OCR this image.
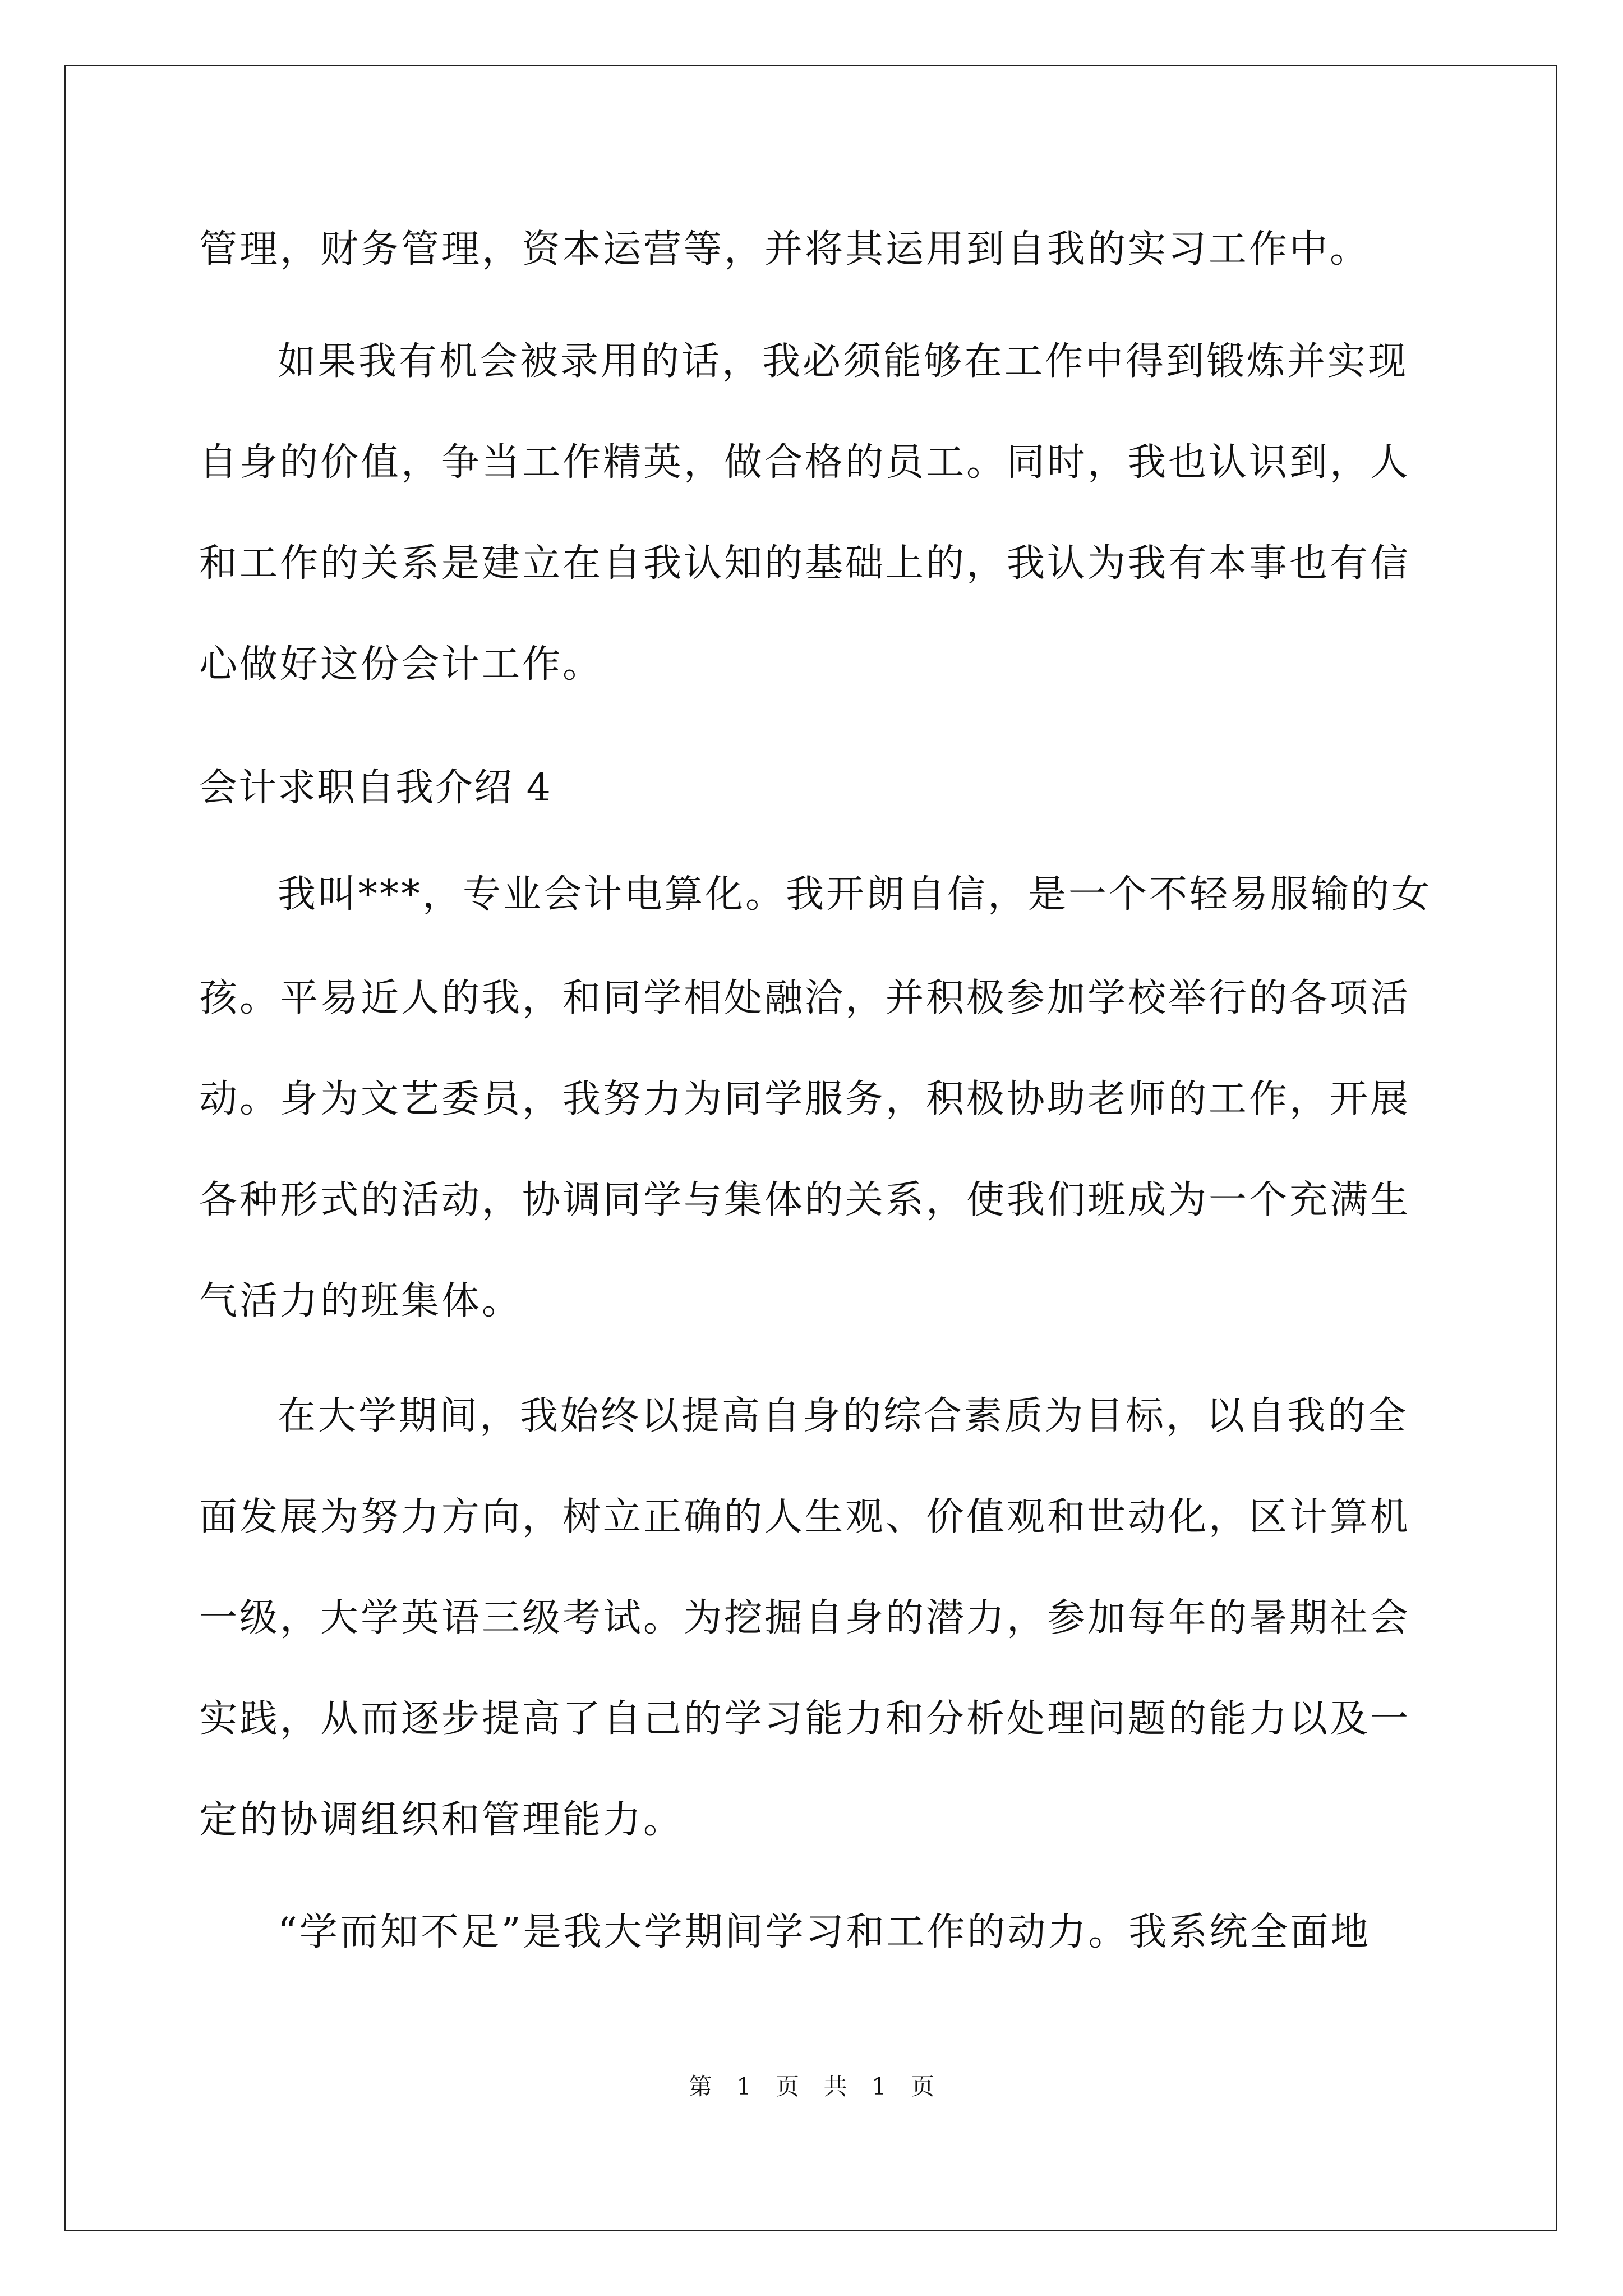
管理，财务管理，资本运营等，并将其运用到自我的实习工作中。

如果我有机会被录用的话，我必须能够在工作中得到锻炼并实现

自身的价值，争当工作精英，做合格的员工。同时，我也认识到，人

和工作的关系是建立在自我认知的基础上的，我认为我有本事也有信

心做好这份会计工作。

会计求职自我介绍 4

我叫***，专业会计电算化。我开朗自信，是一个不轻易服输的女

孩。平易近人的我，和同学相处融洽，并积极参加学校举行的各项活

动。身为文艺委员，我努力为同学服务，积极协助老师的工作，开展

各种形式的活动，协调同学与集体的关系，使我们班成为一个充满生

气活力的班集体。

在大学期间，我始终以提高自身的综合素质为目标，以自我的全

面发展为努力方向，树立正确的人生观、价值观和世动化，区计算机

一级，大学英语三级考试。为挖掘自身的潜力，参加每年的暑期社会

实践，从而逐步提高了自己的学习能力和分析处理问题的能力以及一

定的协调组织和管理能力。

“学而知不足”是我大学期间学习和工作的动力。我系统全面地

第 1 页 共 1 页
